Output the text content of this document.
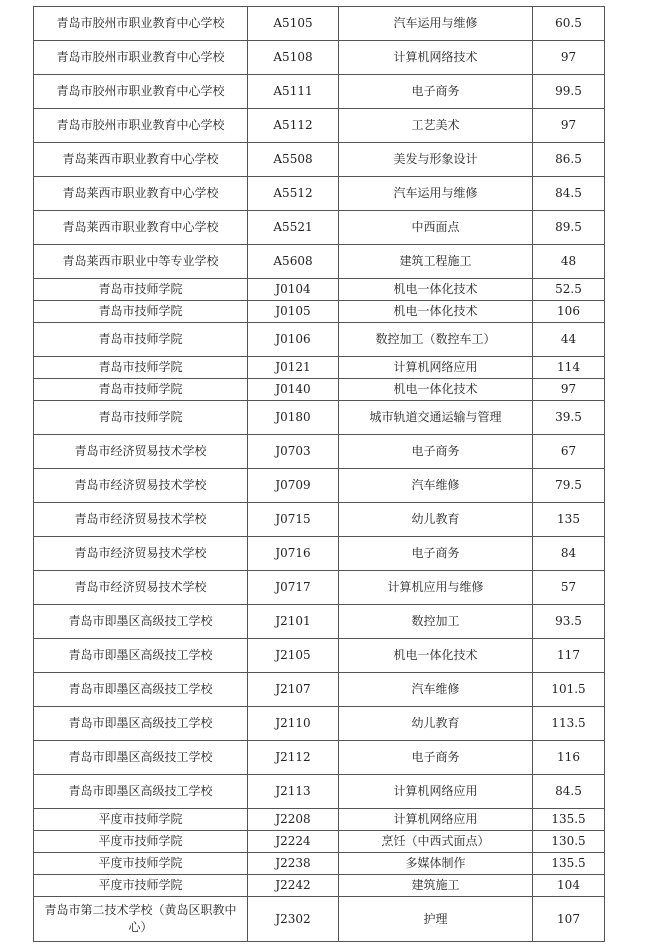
青岛市胶州市职业教育中心学校	A5105	汽车运用与维修	60.5
青岛市胶州市职业教育中心学校	A5108	计算机网络技术	97
青岛市胶州市职业教育中心学校	A5111	电子商务	99.5
青岛市胶州市职业教育中心学校	A5112	工艺美术	97
青岛莱西市职业教育中心学校	A5508	美发与形象设计	86.5
青岛莱西市职业教育中心学校	A5512	汽车运用与维修	84.5
青岛莱西市职业教育中心学校	A5521	中西面点	89.5
青岛莱西市职业中等专业学校	A5608	建筑工程施工	48
青岛市技师学院	J0104	机电一体化技术	52.5
青岛市技师学院	J0105	机电一体化技术	106
青岛市技师学院	J0106	数控加工（数控车工）	44
青岛市技师学院	J0121	计算机网络应用	114
青岛市技师学院	J0140	机电一体化技术	97
青岛市技师学院	J0180	城市轨道交通运输与管理	39.5
青岛市经济贸易技术学校	J0703	电子商务	67
青岛市经济贸易技术学校	J0709	汽车维修	79.5
青岛市经济贸易技术学校	J0715	幼儿教育	135
青岛市经济贸易技术学校	J0716	电子商务	84
青岛市经济贸易技术学校	J0717	计算机应用与维修	57
青岛市即墨区高级技工学校	J2101	数控加工	93.5
青岛市即墨区高级技工学校	J2105	机电一体化技术	117
青岛市即墨区高级技工学校	J2107	汽车维修	101.5
青岛市即墨区高级技工学校	J2110	幼儿教育	113.5
青岛市即墨区高级技工学校	J2112	电子商务	116
青岛市即墨区高级技工学校	J2113	计算机网络应用	84.5
平度市技师学院	J2208	计算机网络应用	135.5
平度市技师学院	J2224	烹饪（中西式面点）	130.5
平度市技师学院	J2238	多媒体制作	135.5
平度市技师学院	J2242	建筑施工	104
青岛市第二技术学校（黄岛区职教中心）	J2302	护理	107
